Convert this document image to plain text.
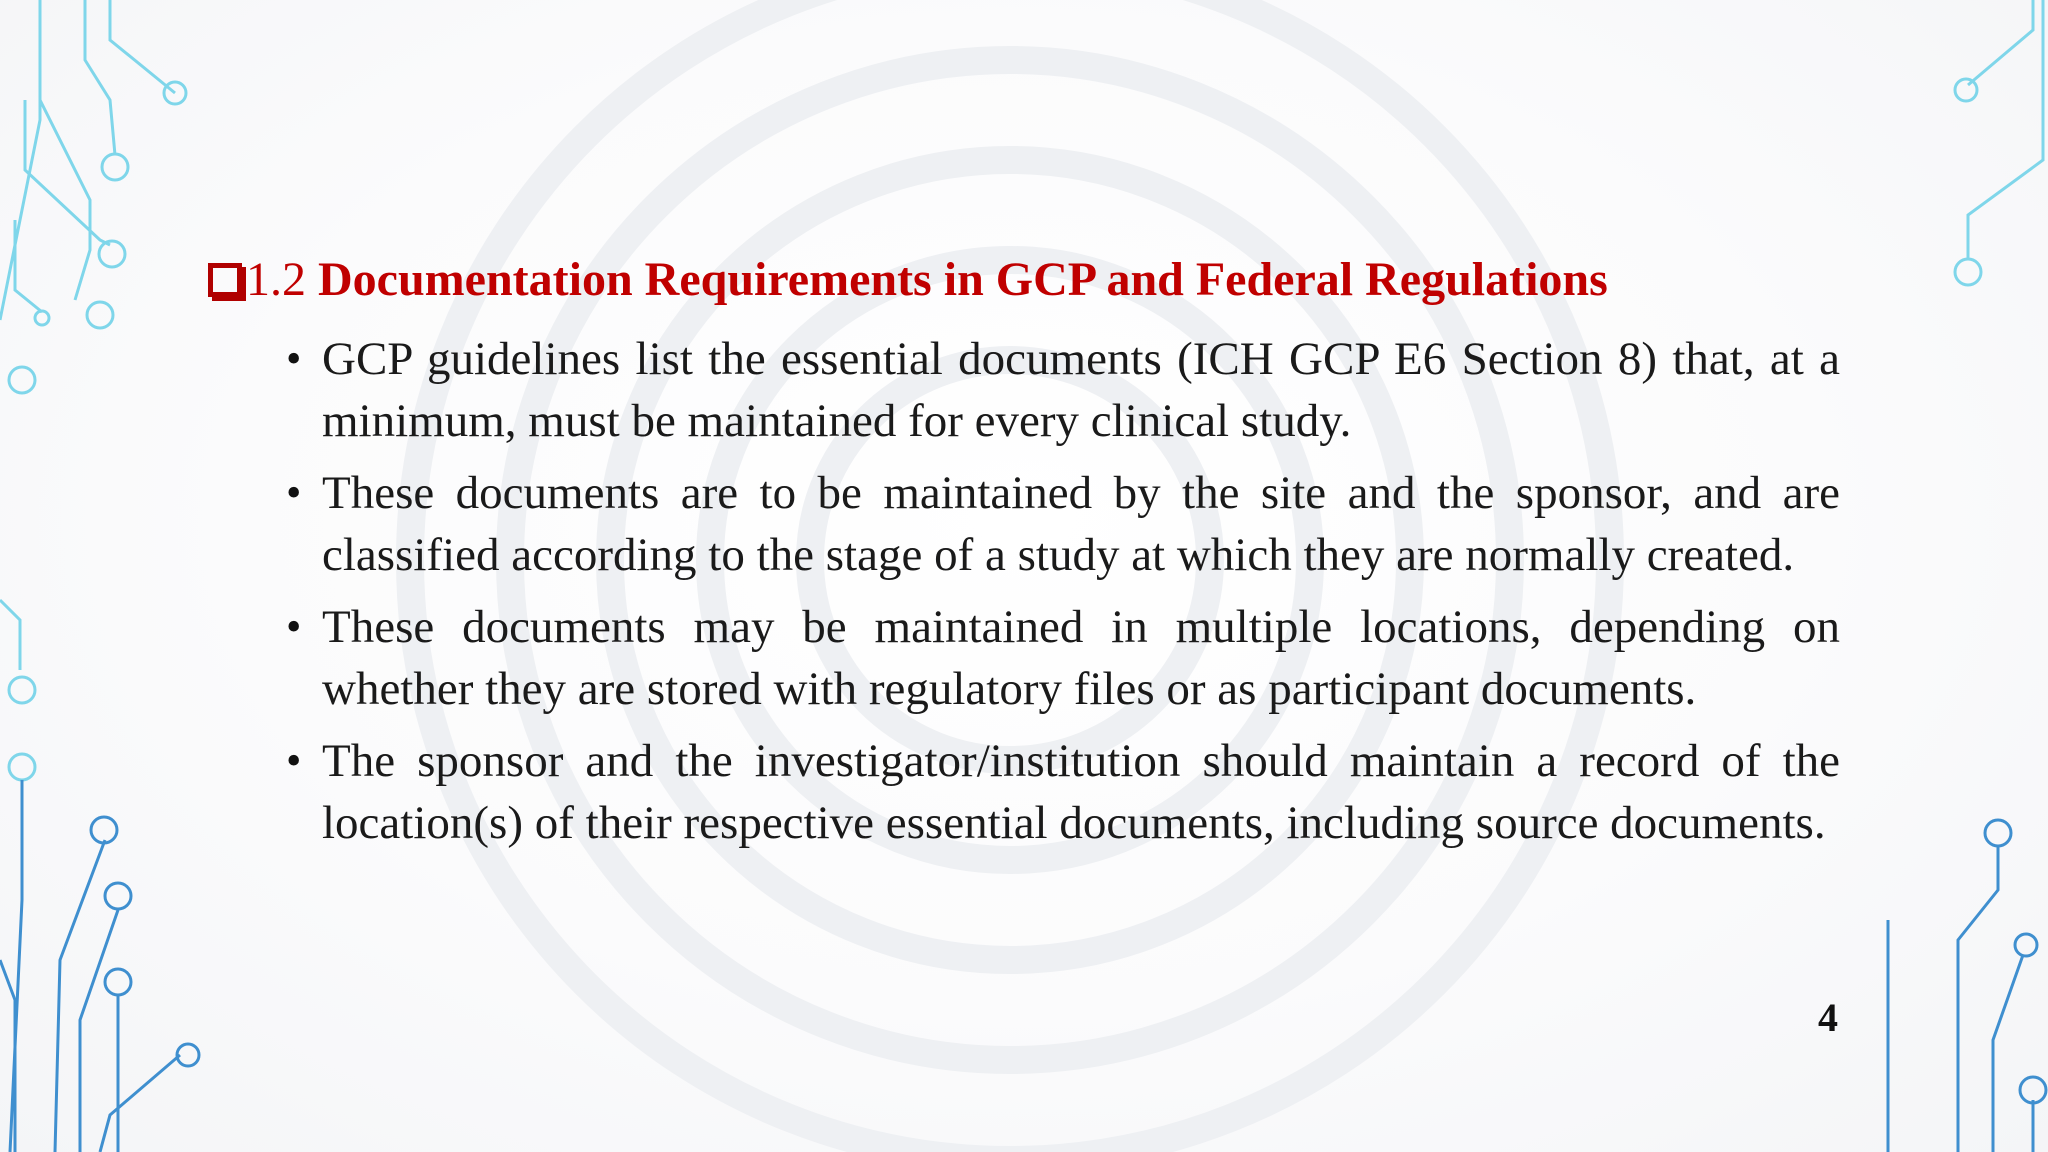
1.2 Documentation Requirements in GCP and Federal Regulations
• GCP guidelines list the essential documents (ICH GCP E6 Section 8) that, at a minimum, must be maintained for every clinical study.
• These documents are to be maintained by the site and the sponsor, and are classified according to the stage of a study at which they are normally created.
• These documents may be maintained in multiple locations, depending on whether they are stored with regulatory files or as participant documents.
• The sponsor and the investigator/institution should maintain a record of the location(s) of their respective essential documents, including source documents.
4
